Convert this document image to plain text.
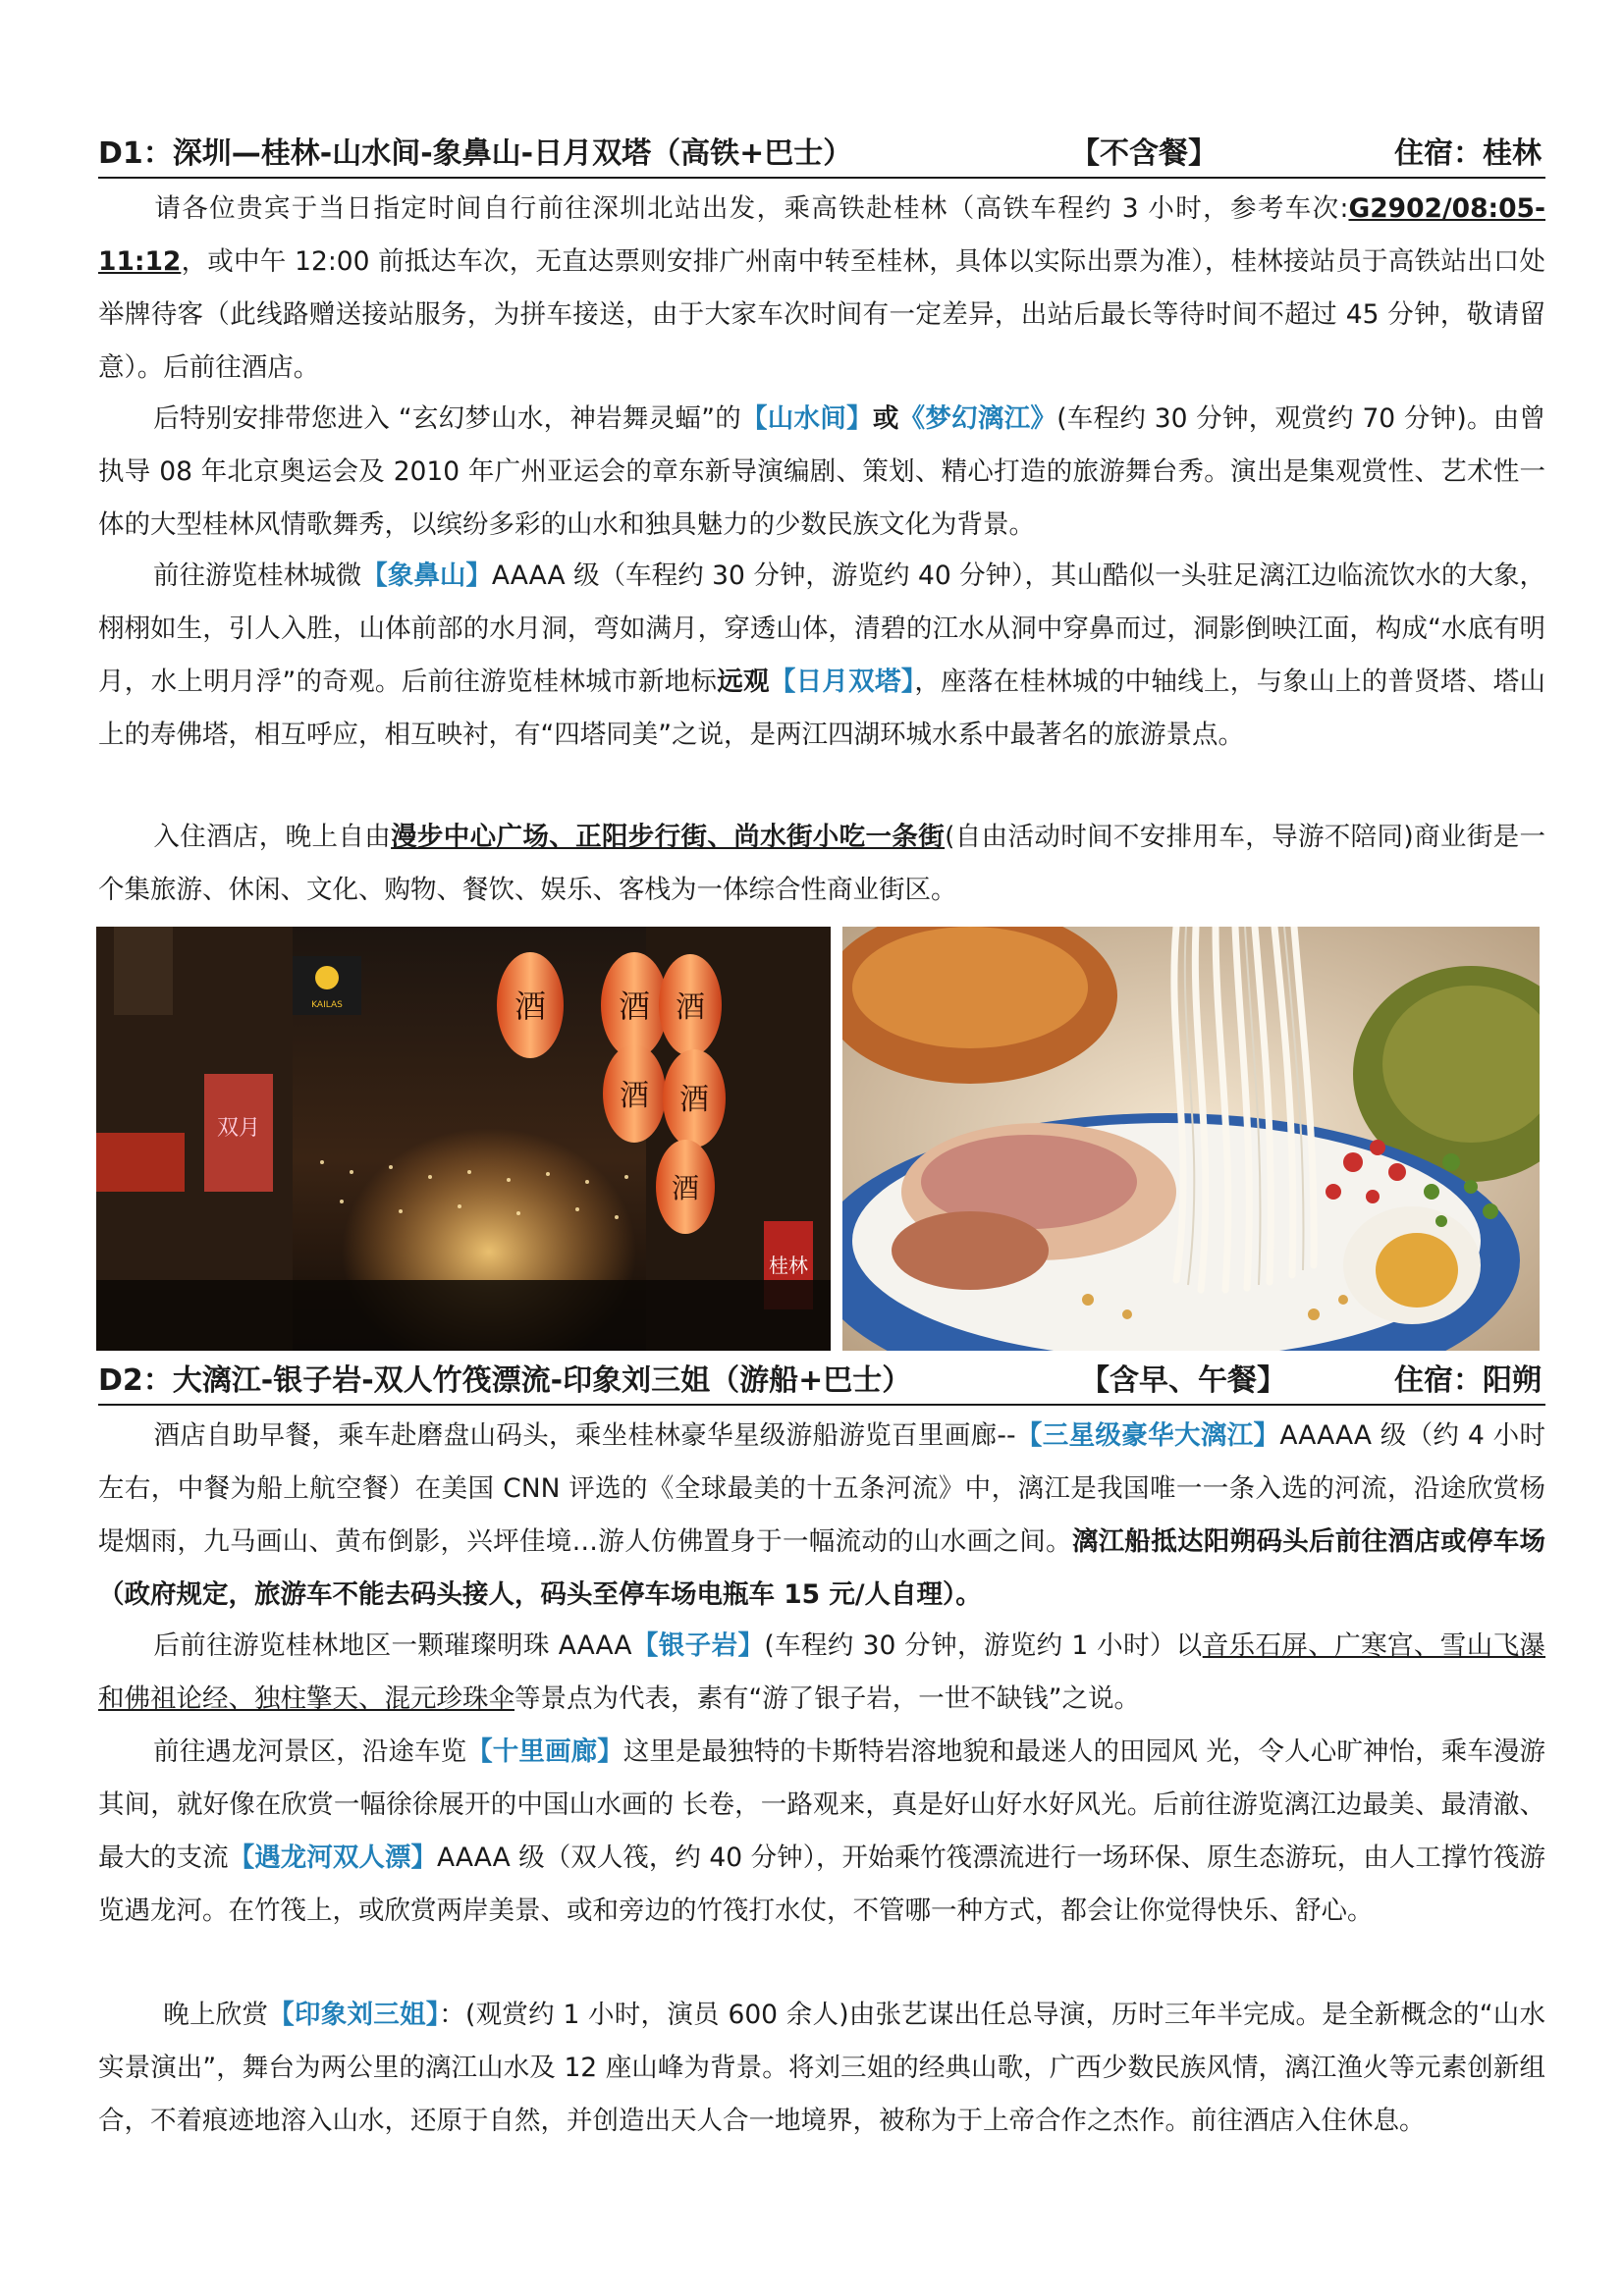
D1：深圳—桂林-山水间-象鼻山-日月双塔（高铁+巴士）	【不含餐】	住宿：桂林

请各位贵宾于当日指定时间自行前往深圳北站出发，乘高铁赴桂林（高铁车程约 3 小时，参考车次:G2902/08:05-11:12，或中午 12:00 前抵达车次，无直达票则安排广州南中转至桂林，具体以实际出票为准），桂林接站员于高铁站出口处举牌待客（此线路赠送接站服务，为拼车接送，由于大家车次时间有一定差异，出站后最长等待时间不超过 45 分钟，敬请留意）。后前往酒店。

后特别安排带您进入 “玄幻梦山水，神岩舞灵蝠”的【山水间】或《梦幻漓江》(车程约 30 分钟，观赏约 70 分钟)。由曾执导 08 年北京奥运会及 2010 年广州亚运会的章东新导演编剧、策划、精心打造的旅游舞台秀。演出是集观赏性、艺术性一体的大型桂林风情歌舞秀，以缤纷多彩的山水和独具魅力的少数民族文化为背景。

前往游览桂林城微【象鼻山】AAAA 级（车程约 30 分钟，游览约 40 分钟），其山酷似一头驻足漓江边临流饮水的大象，栩栩如生，引人入胜，山体前部的水月洞，弯如满月，穿透山体，清碧的江水从洞中穿鼻而过，洞影倒映江面，构成“水底有明月，水上明月浮”的奇观。后前往游览桂林城市新地标远观【日月双塔】，座落在桂林城的中轴线上，与象山上的普贤塔、塔山上的寿佛塔，相互呼应，相互映衬，有“四塔同美”之说，是两江四湖环城水系中最著名的旅游景点。

入住酒店，晚上自由漫步中心广场、正阳步行街、尚水街小吃一条街(自由活动时间不安排用车，导游不陪同)商业街是一个集旅游、休闲、文化、购物、餐饮、娱乐、客栈为一体综合性商业街区。

KAILAS
桂林
双月
酒 酒 酒
酒 酒
酒
D2：大漓江-银子岩-双人竹筏漂流-印象刘三姐（游船+巴士）	【含早、午餐】	住宿：阳朔

酒店自助早餐，乘车赴磨盘山码头，乘坐桂林豪华星级游船游览百里画廊--【三星级豪华大漓江】AAAAA 级（约 4 小时左右，中餐为船上航空餐）在美国 CNN 评选的《全球最美的十五条河流》中，漓江是我国唯一一条入选的河流，沿途欣赏杨堤烟雨，九马画山、黄布倒影，兴坪佳境…游人仿佛置身于一幅流动的山水画之间。漓江船抵达阳朔码头后前往酒店或停车场（政府规定，旅游车不能去码头接人，码头至停车场电瓶车 15 元/人自理）。

后前往游览桂林地区一颗璀璨明珠 AAAA【银子岩】(车程约 30 分钟，游览约 1 小时）以音乐石屏、广寒宫、雪山飞瀑和佛祖论经、独柱擎天、混元珍珠伞等景点为代表，素有“游了银子岩，一世不缺钱”之说。

前往遇龙河景区，沿途车览【十里画廊】这里是最独特的卡斯特岩溶地貌和最迷人的田园风 光，令人心旷神怡，乘车漫游其间，就好像在欣赏一幅徐徐展开的中国山水画的 长卷，一路观来，真是好山好水好风光。后前往游览漓江边最美、最清澈、最大的支流【遇龙河双人漂】AAAA 级（双人筏，约 40 分钟），开始乘竹筏漂流进行一场环保、原生态游玩，由人工撑竹筏游览遇龙河。在竹筏上，或欣赏两岸美景、或和旁边的竹筏打水仗，不管哪一种方式，都会让你觉得快乐、舒心。

晚上欣赏【印象刘三姐】：(观赏约 1 小时，演员 600 余人)由张艺谋出任总导演，历时三年半完成。是全新概念的“山水实景演出”，舞台为两公里的漓江山水及 12 座山峰为背景。将刘三姐的经典山歌，广西少数民族风情，漓江渔火等元素创新组合，不着痕迹地溶入山水，还原于自然，并创造出天人合一地境界，被称为于上帝合作之杰作。前往酒店入住休息。
